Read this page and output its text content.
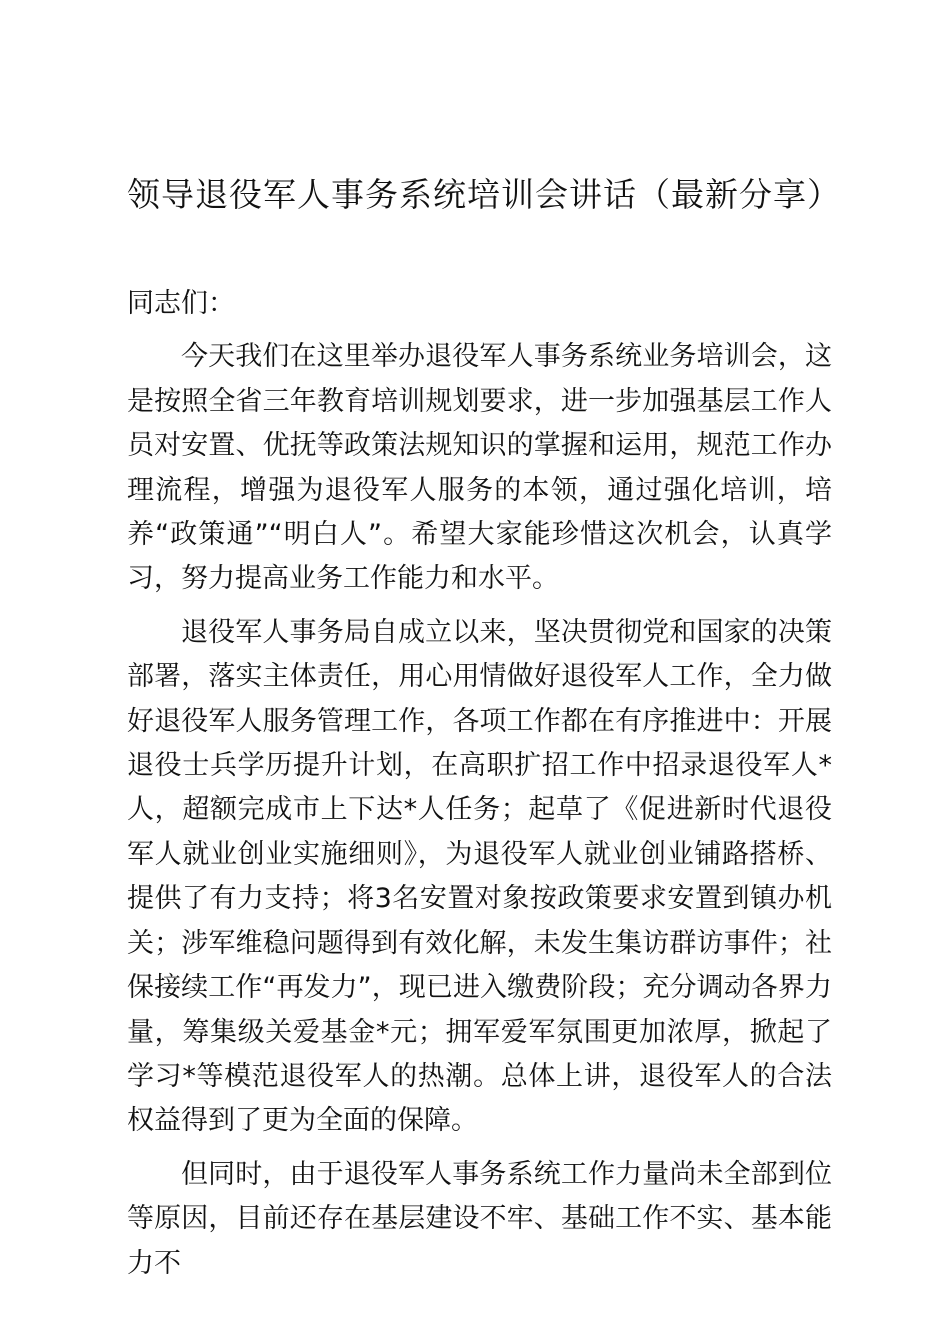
领导退役军人事务系统培训会讲话（最新分享）

同志们：

今天我们在这里举办退役军人事务系统业务培训会，这是按照全省三年教育培训规划要求，进一步加强基层工作人员对安置、优抚等政策法规知识的掌握和运用，规范工作办理流程，增强为退役军人服务的本领，通过强化培训，培养“政策通”“明白人”。希望大家能珍惜这次机会，认真学习，努力提高业务工作能力和水平。

退役军人事务局自成立以来，坚决贯彻党和国家的决策部署，落实主体责任，用心用情做好退役军人工作，全力做好退役军人服务管理工作，各项工作都在有序推进中：开展退役士兵学历提升计划，在高职扩招工作中招录退役军人*人，超额完成市上下达*人任务；起草了《促进新时代退役军人就业创业实施细则》，为退役军人就业创业铺路搭桥、提供了有力支持；将3名安置对象按政策要求安置到镇办机关；涉军维稳问题得到有效化解，未发生集访群访事件；社保接续工作“再发力”，现已进入缴费阶段；充分调动各界力量，筹集级关爱基金*元；拥军爱军氛围更加浓厚，掀起了学习*等模范退役军人的热潮。总体上讲，退役军人的合法权益得到了更为全面的保障。

但同时，由于退役军人事务系统工作力量尚未全部到位等原因，目前还存在基层建设不牢、基础工作不实、基本能力不
